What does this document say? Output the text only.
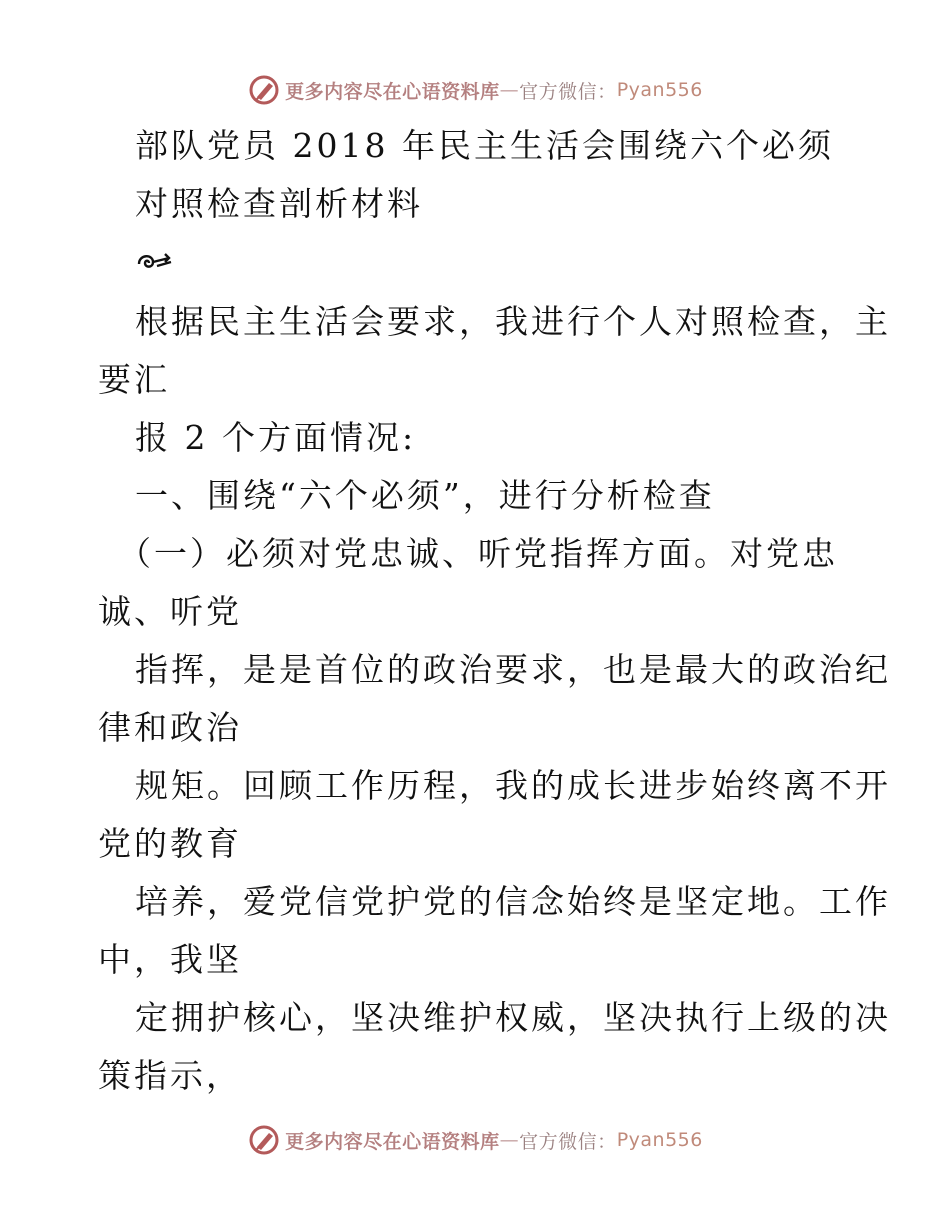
更多内容尽在心语资料库 — 官方微信： Pyan556
部队党员 2018 年民主生活会围绕六个必须
对照检查剖析材料
根据民主生活会要求，我进行个人对照检查，主
要汇
报 2 个方面情况:
一、围绕“六个必须”，进行分析检查
（一）必须对党忠诚、听党指挥方面。对党忠
诚、听党
指挥，是是首位的政治要求，也是最大的政治纪
律和政治
规矩。回顾工作历程，我的成长进步始终离不开
党的教育
培养，爱党信党护党的信念始终是坚定地。工作
中，我坚
定拥护核心，坚决维护权威，坚决执行上级的决
策指示，
更多内容尽在心语资料库 — 官方微信： Pyan556
